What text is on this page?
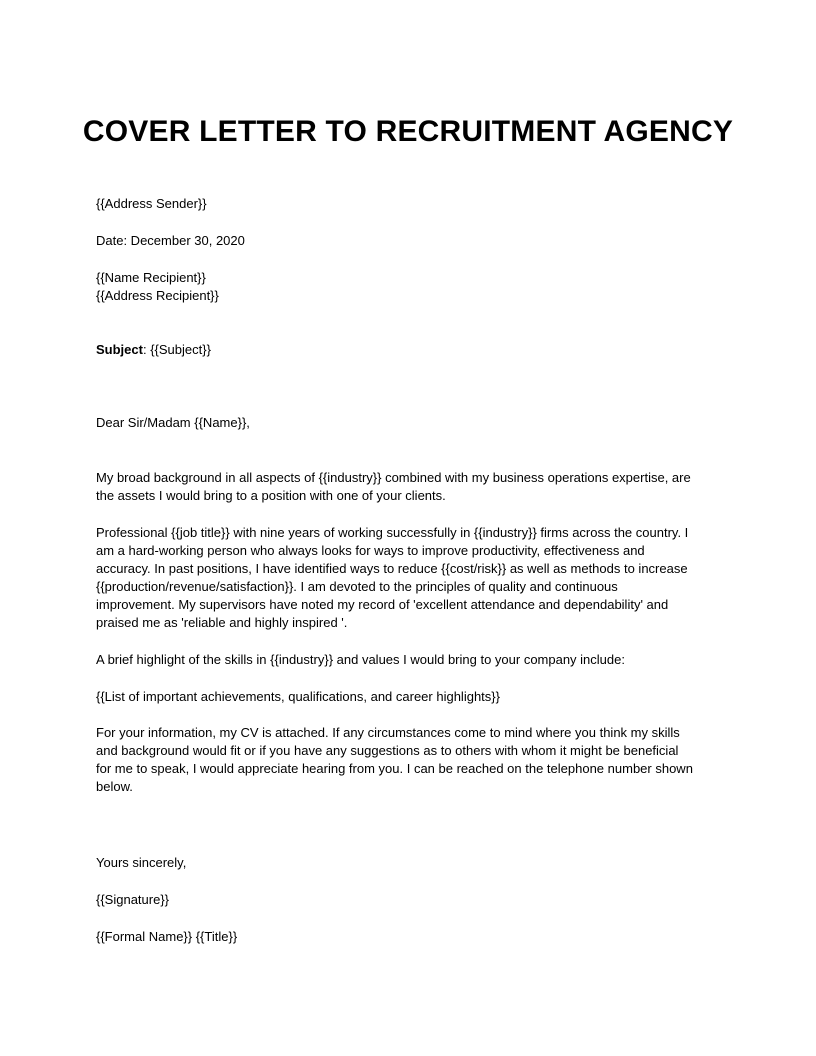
COVER LETTER TO RECRUITMENT AGENCY

{{Address Sender}}

Date: December 30, 2020

{{Name Recipient}}
{{Address Recipient}}

Subject: {{Subject}}

Dear Sir/Madam {{Name}},

My broad background in all aspects of {{industry}} combined with my business operations expertise, are
the assets I would bring to a position with one of your clients.
Professional {{job title}} with nine years of working successfully in {{industry}} firms across the country. I
am a hard-working person who always looks for ways to improve productivity, effectiveness and
accuracy. In past positions, I have identified ways to reduce {{cost/risk}} as well as methods to increase
{{production/revenue/satisfaction}}. I am devoted to the principles of quality and continuous
improvement. My supervisors have noted my record of 'excellent attendance and dependability' and
praised me as 'reliable and highly inspired '.

A brief highlight of the skills in {{industry}} and values I would bring to your company include:

{{List of important achievements, qualifications, and career highlights}}

For your information, my CV is attached. If any circumstances come to mind where you think my skills
and background would fit or if you have any suggestions as to others with whom it might be beneficial
for me to speak, I would appreciate hearing from you. I can be reached on the telephone number shown
below.

Yours sincerely,

{{Signature}}

{{Formal Name}} {{Title}}
